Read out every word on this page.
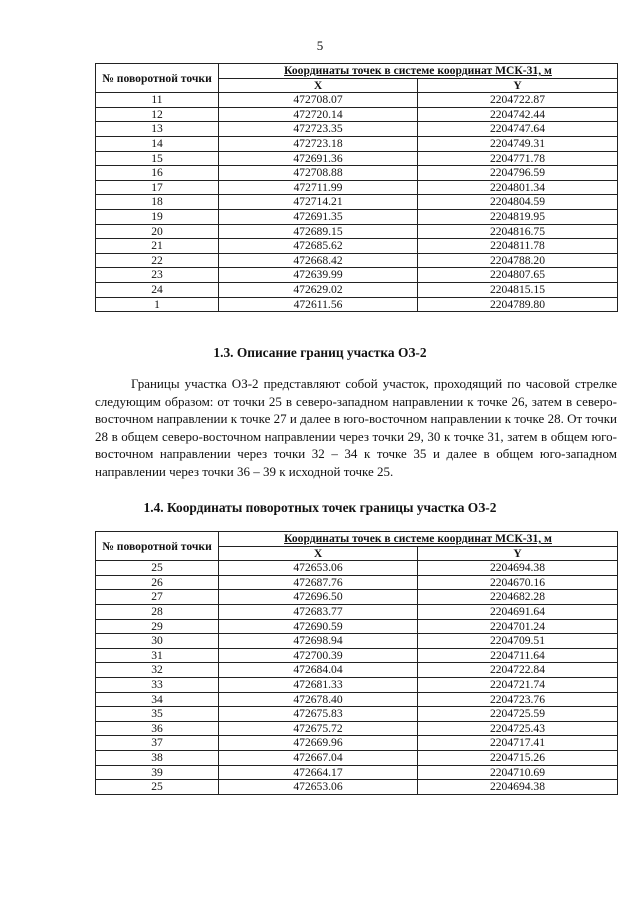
5
№ поворотной точки	Координаты точек в системе координат МСК-31, м	
	X	Y
11	472708.07	2204722.87
12	472720.14	2204742.44
13	472723.35	2204747.64
14	472723.18	2204749.31
15	472691.36	2204771.78
16	472708.88	2204796.59
17	472711.99	2204801.34
18	472714.21	2204804.59
19	472691.35	2204819.95
20	472689.15	2204816.75
21	472685.62	2204811.78
22	472668.42	2204788.20
23	472639.99	2204807.65
24	472629.02	2204815.15
1	472611.56	2204789.80
1.3. Описание границ участка ОЗ-2

Границы участка ОЗ-2 представляют собой участок, проходящий по часовой стрелке следующим образом: от точки 25 в северо-западном направлении к точке 26, затем в северо-восточном направлении к точке 27 и далее в юго-восточном направлении к точке 28. От точки 28 в общем северо-восточном направлении через точки 29, 30 к точке 31, затем в общем юго-восточном направлении через точки 32 – 34 к точке 35 и далее в общем юго-западном направлении через точки 36 – 39 к исходной точке 25.

1.4. Координаты поворотных точек границы участка ОЗ-2
№ поворотной точки	Координаты точек в системе координат МСК-31, м	
	X	Y
25	472653.06	2204694.38
26	472687.76	2204670.16
27	472696.50	2204682.28
28	472683.77	2204691.64
29	472690.59	2204701.24
30	472698.94	2204709.51
31	472700.39	2204711.64
32	472684.04	2204722.84
33	472681.33	2204721.74
34	472678.40	2204723.76
35	472675.83	2204725.59
36	472675.72	2204725.43
37	472669.96	2204717.41
38	472667.04	2204715.26
39	472664.17	2204710.69
25	472653.06	2204694.38
